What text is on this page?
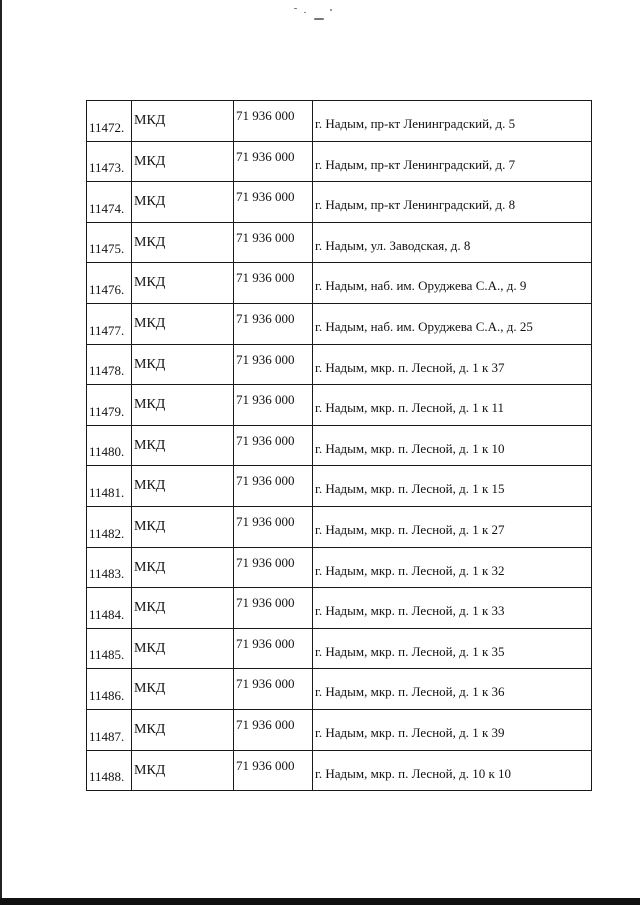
11472.	МКД	71 936 000	г. Надым, пр-кт Ленинградский, д. 5

11473.	МКД	71 936 000	г. Надым, пр-кт Ленинградский, д. 7

11474.	МКД	71 936 000	г. Надым, пр-кт Ленинградский, д. 8

11475.	МКД	71 936 000	г. Надым, ул. Заводская, д. 8

11476.	МКД	71 936 000	г. Надым, наб. им. Оруджева С.А., д. 9

11477.	МКД	71 936 000	г. Надым, наб. им. Оруджева С.А., д. 25

11478.	МКД	71 936 000	г. Надым, мкр. п. Лесной, д. 1 к 37

11479.	МКД	71 936 000	г. Надым, мкр. п. Лесной, д. 1 к 11

11480.	МКД	71 936 000	г. Надым, мкр. п. Лесной, д. 1 к 10

11481.	МКД	71 936 000	г. Надым, мкр. п. Лесной, д. 1 к 15

11482.	МКД	71 936 000	г. Надым, мкр. п. Лесной, д. 1 к 27

11483.	МКД	71 936 000	г. Надым, мкр. п. Лесной, д. 1 к 32

11484.	МКД	71 936 000	г. Надым, мкр. п. Лесной, д. 1 к 33

11485.	МКД	71 936 000	г. Надым, мкр. п. Лесной, д. 1 к 35

11486.	МКД	71 936 000	г. Надым, мкр. п. Лесной, д. 1 к 36

11487.	МКД	71 936 000	г. Надым, мкр. п. Лесной, д. 1 к 39

11488.	МКД	71 936 000	г. Надым, мкр. п. Лесной, д. 10 к 10
